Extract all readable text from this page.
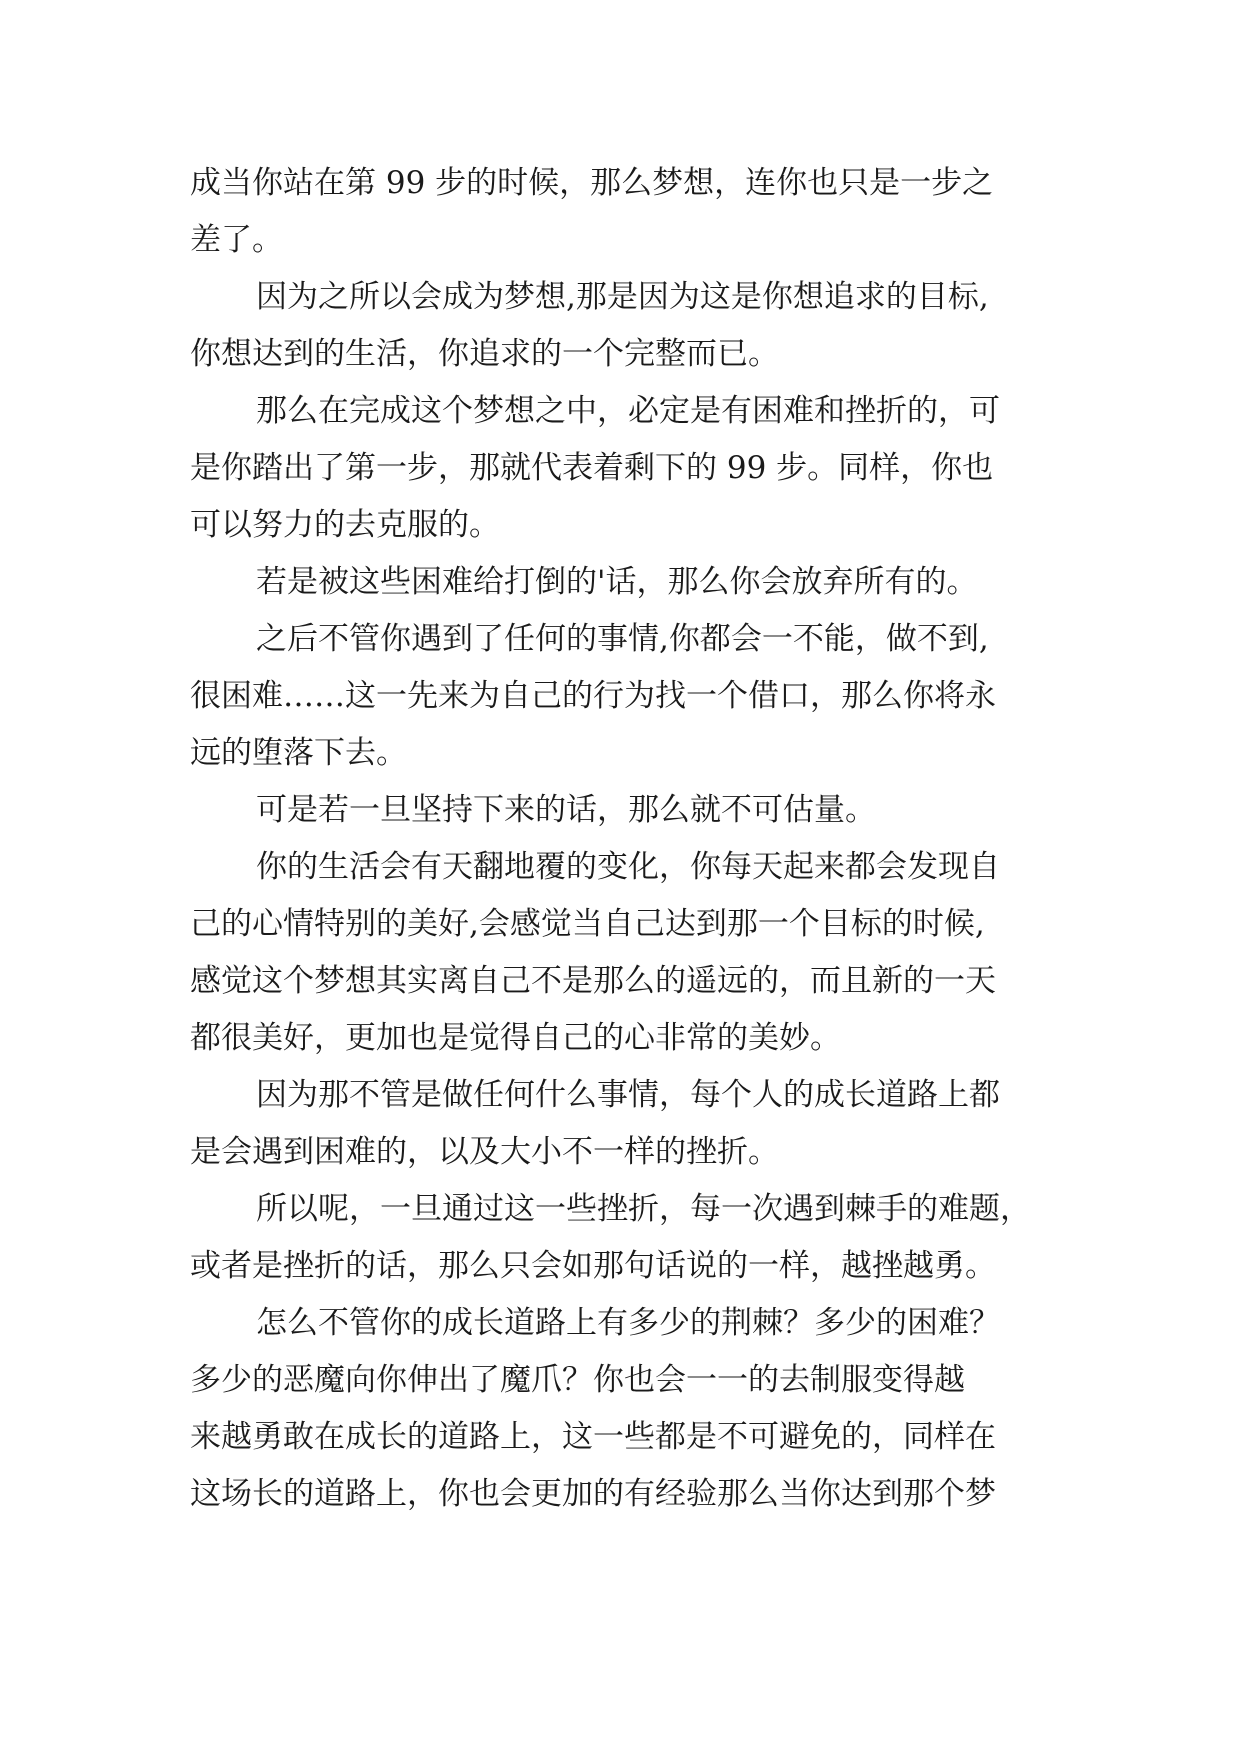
成当你站在第 99 步的时候，那么梦想，连你也只是一步之
差了。
因为之所以会成为梦想,那是因为这是你想追求的目标,
你想达到的生活，你追求的一个完整而已。
那么在完成这个梦想之中，必定是有困难和挫折的，可
是你踏出了第一步，那就代表着剩下的 99 步。同样，你也
可以努力的去克服的。
若是被这些困难给打倒的'话，那么你会放弃所有的。
之后不管你遇到了任何的事情,你都会一不能，做不到,
很困难……这一先来为自己的行为找一个借口，那么你将永
远的堕落下去。
可是若一旦坚持下来的话，那么就不可估量。
你的生活会有天翻地覆的变化，你每天起来都会发现自
己的心情特别的美好,会感觉当自己达到那一个目标的时候,
感觉这个梦想其实离自己不是那么的遥远的，而且新的一天
都很美好，更加也是觉得自己的心非常的美妙。
因为那不管是做任何什么事情，每个人的成长道路上都
是会遇到困难的，以及大小不一样的挫折。
所以呢，一旦通过这一些挫折，每一次遇到棘手的难题，
或者是挫折的话，那么只会如那句话说的一样，越挫越勇。
怎么不管你的成长道路上有多少的荆棘？多少的困难？
多少的恶魔向你伸出了魔爪？你也会一一的去制服变得越
来越勇敢在成长的道路上，这一些都是不可避免的，同样在
这场长的道路上，你也会更加的有经验那么当你达到那个梦
